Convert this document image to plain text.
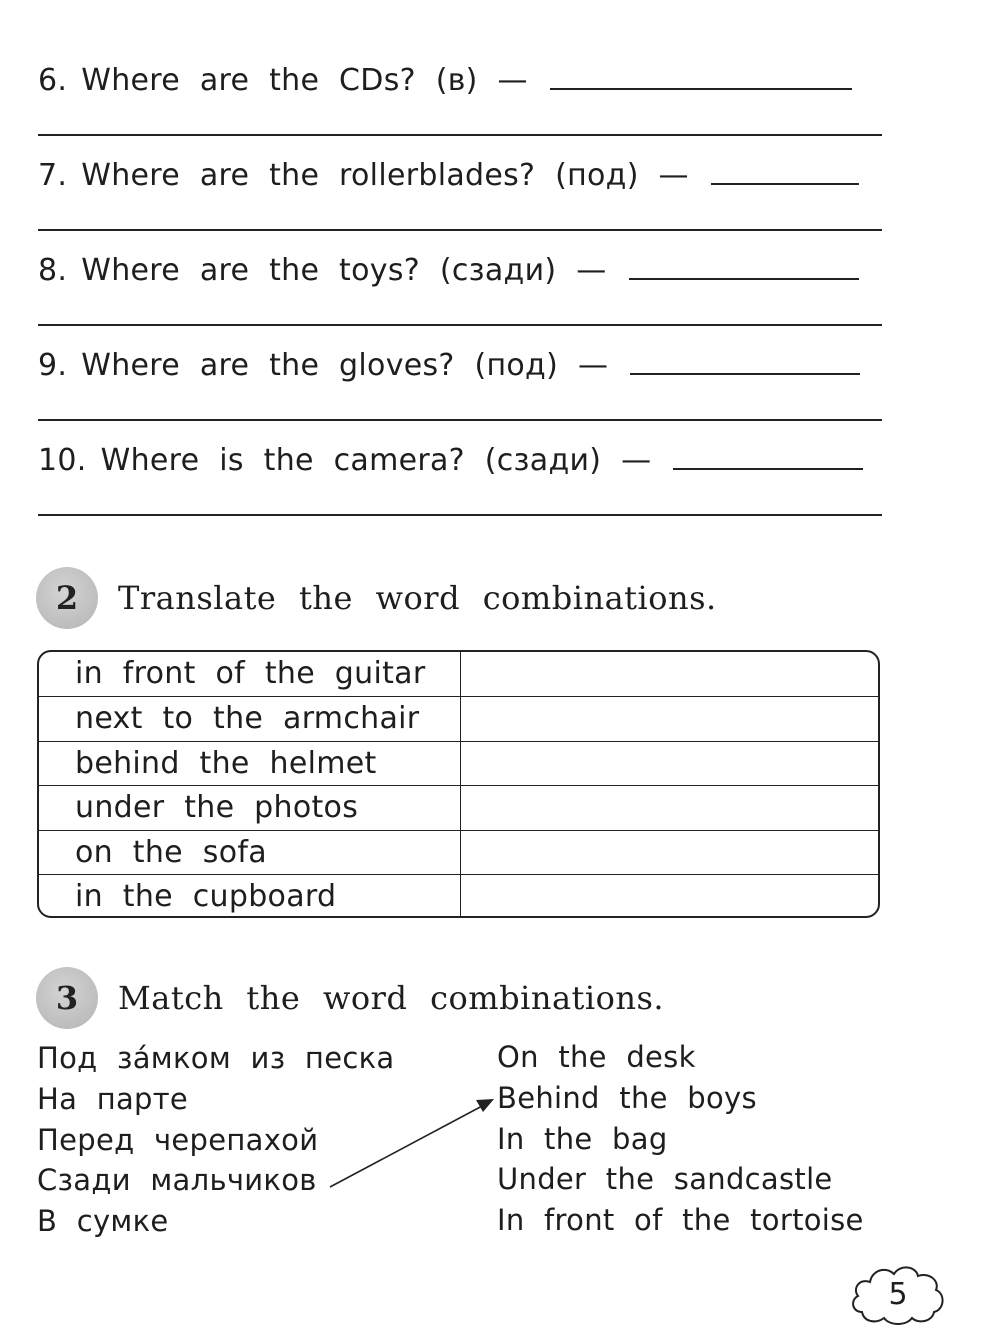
6. Where are the CDs? (в) —
7. Where are the rollerblades? (под) —
8. Where are the toys? (сзади) —
9. Where are the gloves? (под) —
10. Where is the camera? (сзади) —
2	Translate the word combinations.
in front of the guitar
next to the armchair
behind the helmet
under the photos
on the sofa
in the cupboard
3	Match the word combinations.
Под зáмком из песка
На парте
Перед черепахой
Сзади мальчиков
В сумке
On the desk
Behind the boys
In the bag
Under the sandcastle
In front of the tortoise
5
